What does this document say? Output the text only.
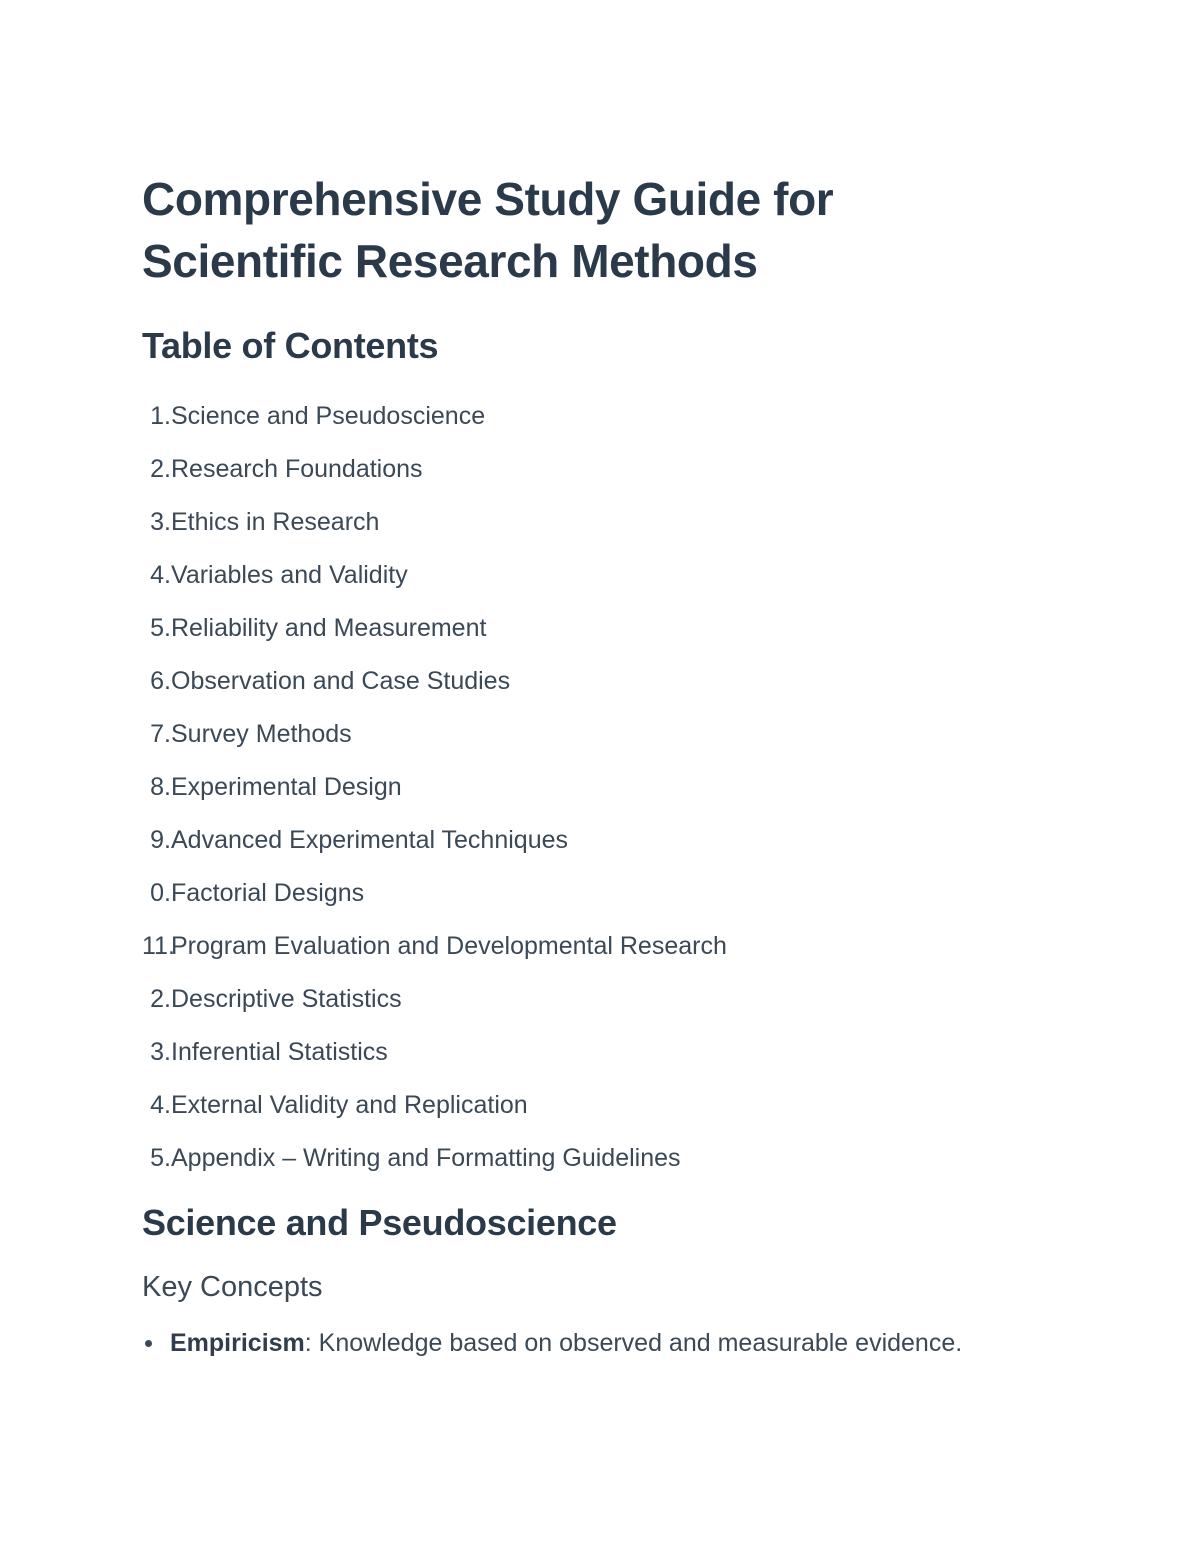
Comprehensive Study Guide for
Scientific Research Methods
Table of Contents
1. Science and Pseudoscience
2. Research Foundations
3. Ethics in Research
4. Variables and Validity
5. Reliability and Measurement
6. Observation and Case Studies
7. Survey Methods
8. Experimental Design
9. Advanced Experimental Techniques
0. Factorial Designs
11.
Program Evaluation and Developmental Research
2. Descriptive Statistics
3. Inferential Statistics
4. External Validity and Replication
5. Appendix – Writing and Formatting Guidelines
Science and Pseudoscience
Key Concepts
Empiricism : Knowledge based on observed and measurable evidence.
